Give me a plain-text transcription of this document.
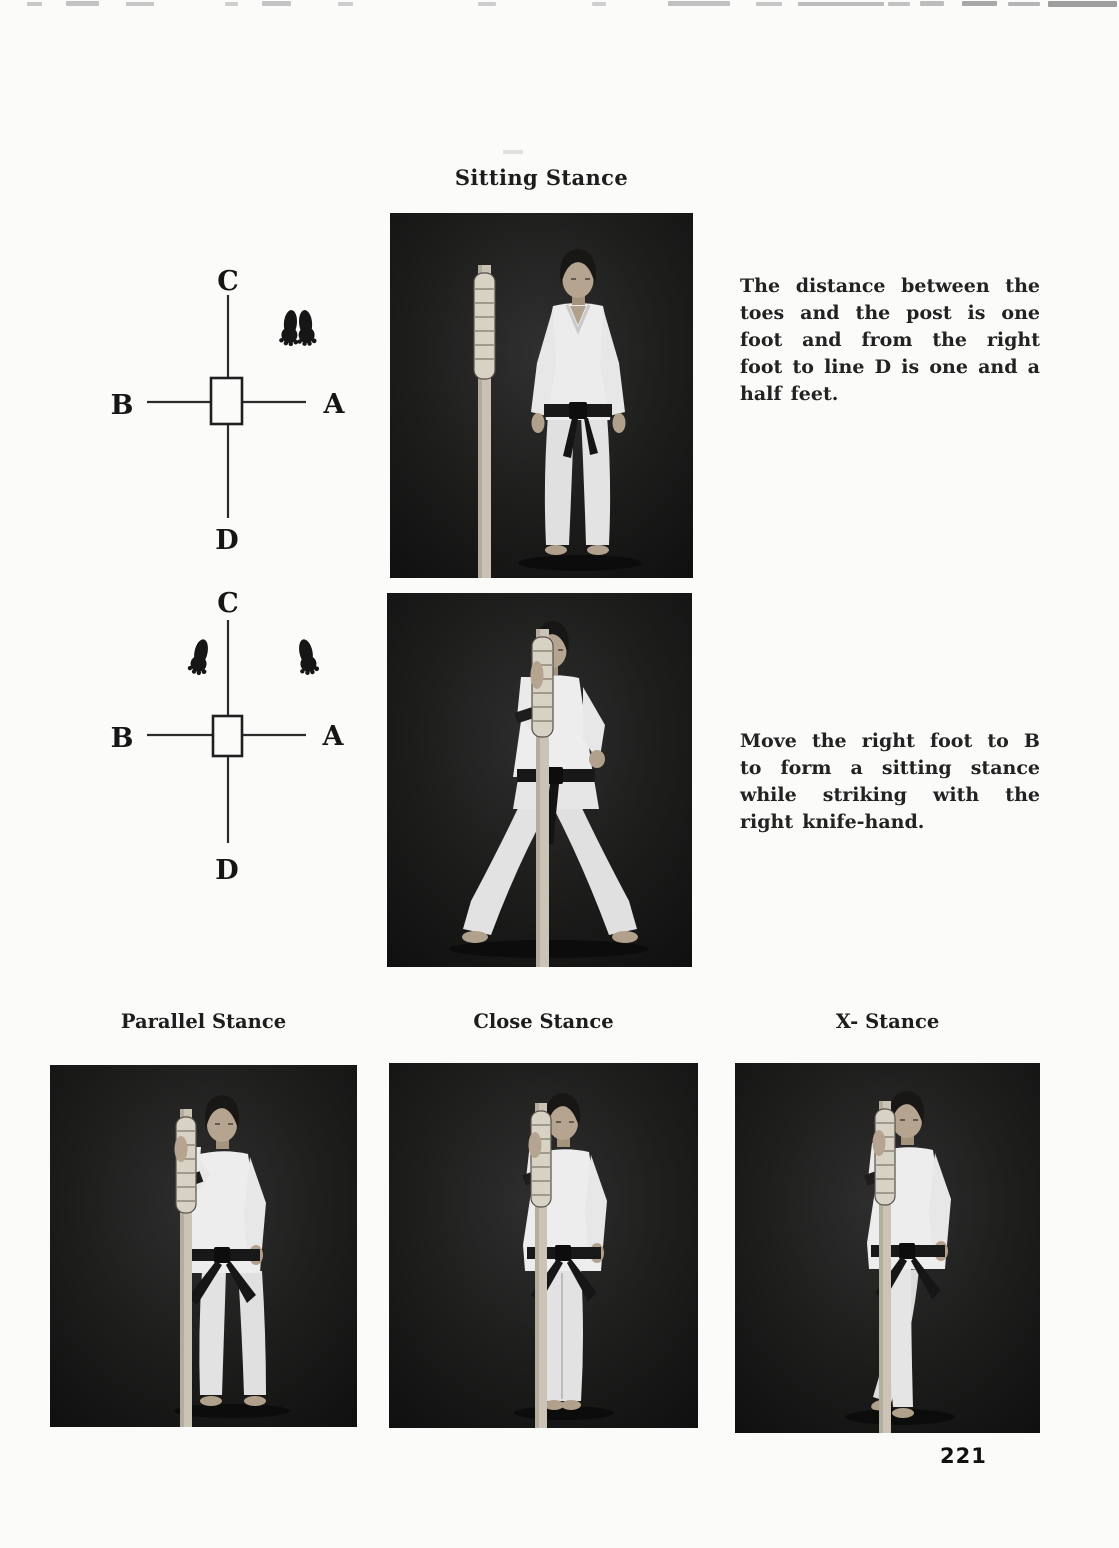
Sitting Stance
C
B	A
D
C
B	A
D

The distance between the toes and the post is one foot and from the right foot to line D is one and a half feet.

Move the right foot to B to form a sitting stance while striking with the right knife-hand.

Parallel Stance	Close Stance	X- Stance

221
